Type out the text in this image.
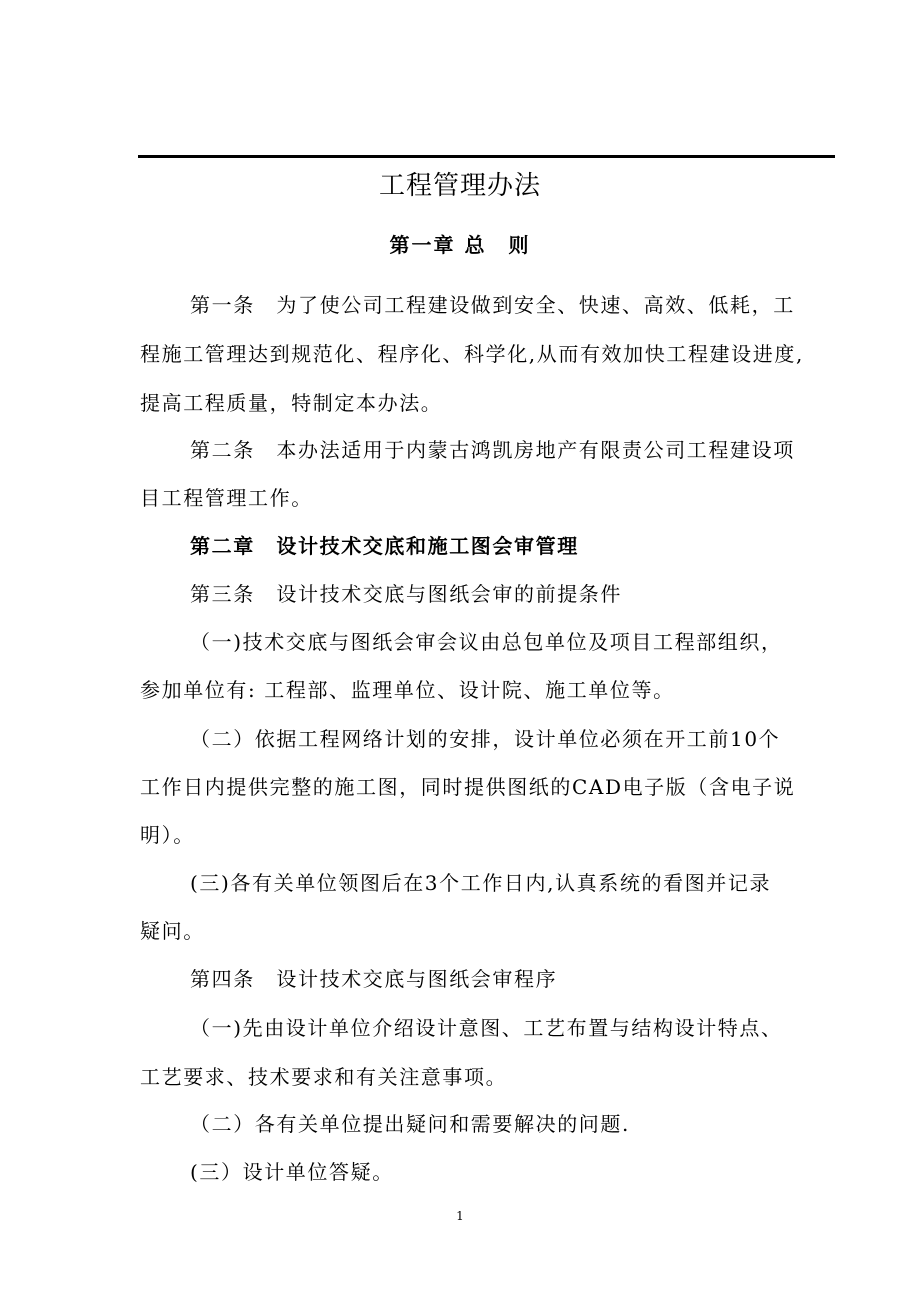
工程管理办法
第一章 总　则
第一条　为了使公司工程建设做到安全、快速、高效、低耗，工
程施工管理达到规范化、程序化、科学化,从而有效加快工程建设进度,
提高工程质量，特制定本办法。
第二条　本办法适用于内蒙古鸿凯房地产有限责公司工程建设项
目工程管理工作。
第二章　设计技术交底和施工图会审管理
第三条　设计技术交底与图纸会审的前提条件
（一)技术交底与图纸会审会议由总包单位及项目工程部组织，
参加单位有: 工程部、监理单位、设计院、施工单位等。
（二）依据工程网络计划的安排，设计单位必须在开工前10个
工作日内提供完整的施工图，同时提供图纸的CAD电子版（含电子说
明）。
(三)各有关单位领图后在3个工作日内,认真系统的看图并记录
疑问。
第四条　设计技术交底与图纸会审程序
（一)先由设计单位介绍设计意图、工艺布置与结构设计特点、
工艺要求、技术要求和有关注意事项。
（二）各有关单位提出疑问和需要解决的问题.
(三）设计单位答疑。
1
